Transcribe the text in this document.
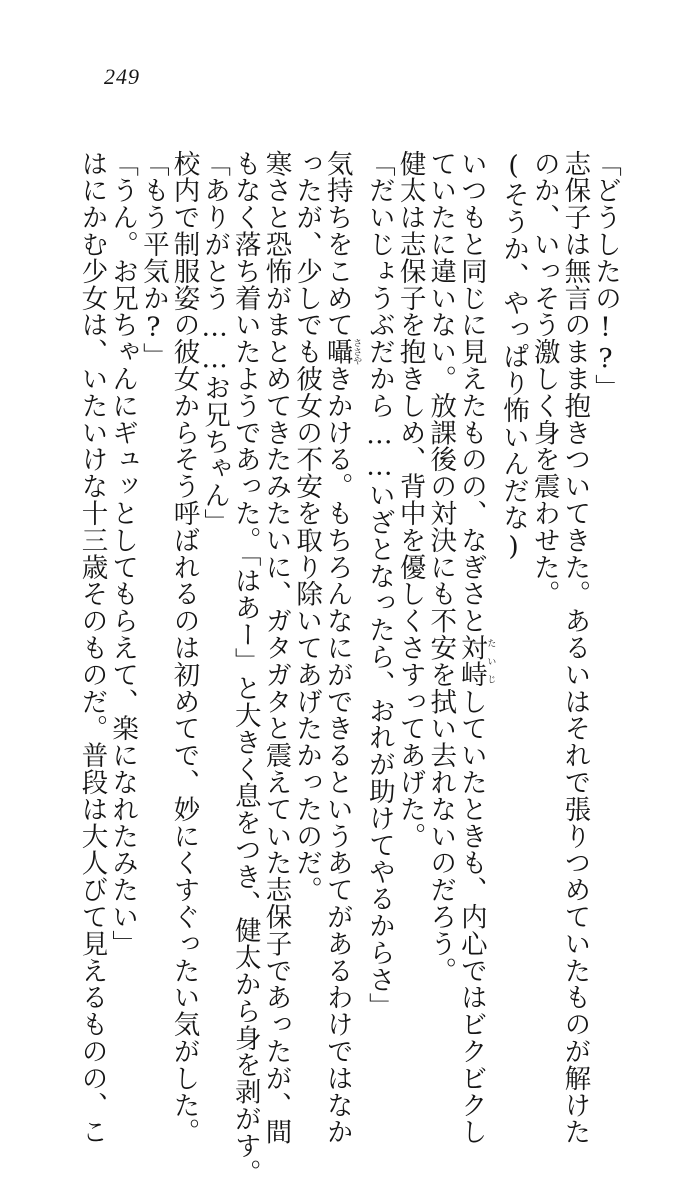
249
「どうしたの!?」
志保子は無言のまま抱きついてきた。あるいはそれで張りつめていたものが解けた
のか、いっそう激しく身を震わせた。
(そうか、やっぱり怖いんだな)
いつもと同じに見えたものの、なぎさと対峙たいじしていたときも、内心ではビクビクし
ていたに違いない。放課後の対決にも不安を拭い去れないのだろう。
健太は志保子を抱きしめ、背中を優しくさすってあげた。
「だいじょうぶだから……いざとなったら、おれが助けてやるからさ」
気持ちをこめて囁ささやきかける。もちろんなにができるというあてがあるわけではなか
ったが、少しでも彼女の不安を取り除いてあげたかったのだ。
寒さと恐怖がまとめてきたみたいに、ガタガタと震えていた志保子であったが、間
もなく落ち着いたようであった。「はあー」と大きく息をつき、健太から身を剥がす。
「ありがとう……お兄ちゃん」
校内で制服姿の彼女からそう呼ばれるのは初めてで、妙にくすぐったい気がした。
「もう平気か?」
「うん。お兄ちゃんにギュッとしてもらえて、楽になれたみたい」
はにかむ少女は、いたいけな十三歳そのものだ。普段は大人びて見えるものの、こ
